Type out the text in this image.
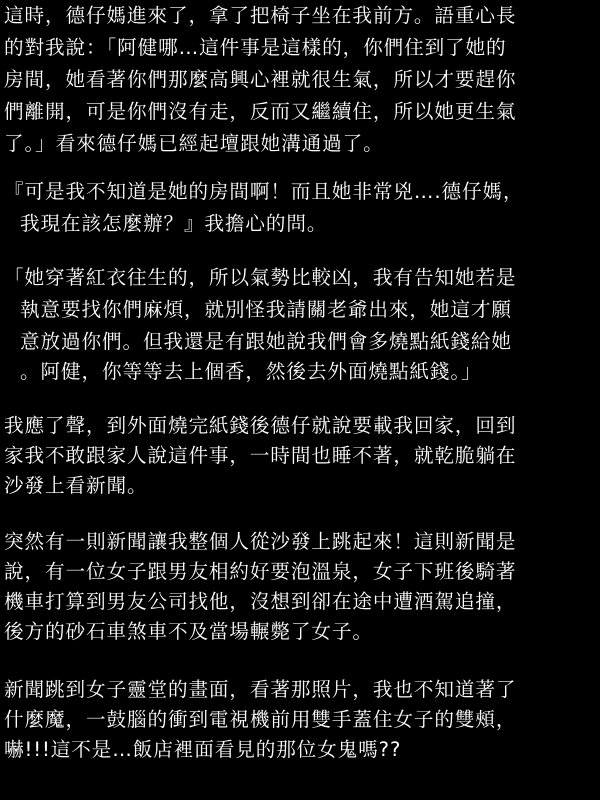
這時，德仔媽進來了，拿了把椅子坐在我前方。語重心長
的對我說：「阿健哪…這件事是這樣的，你們住到了她的
房間，她看著你們那麼高興心裡就很生氣，所以才要趕你
們離開，可是你們沒有走，反而又繼續住，所以她更生氣
了。」看來德仔媽已經起壇跟她溝通過了。
『可是我不知道是她的房間啊！而且她非常兇….德仔媽，
我現在該怎麼辦？』我擔心的問。
「她穿著紅衣往生的，所以氣勢比較凶，我有告知她若是
執意要找你們麻煩，就別怪我請關老爺出來，她這才願
意放過你們。但我還是有跟她說我們會多燒點紙錢給她
。阿健，你等等去上個香，然後去外面燒點紙錢。」
我應了聲，到外面燒完紙錢後德仔就說要載我回家，回到
家我不敢跟家人說這件事，一時間也睡不著，就乾脆躺在
沙發上看新聞。
突然有一則新聞讓我整個人從沙發上跳起來！這則新聞是
說，有一位女子跟男友相約好要泡溫泉，女子下班後騎著
機車打算到男友公司找他，沒想到卻在途中遭酒駕追撞，
後方的砂石車煞車不及當場輾斃了女子。
新聞跳到女子靈堂的畫面，看著那照片，我也不知道著了
什麼魔，一鼓腦的衝到電視機前用雙手蓋住女子的雙頰，
嚇!!!這不是…飯店裡面看見的那位女鬼嗎??
